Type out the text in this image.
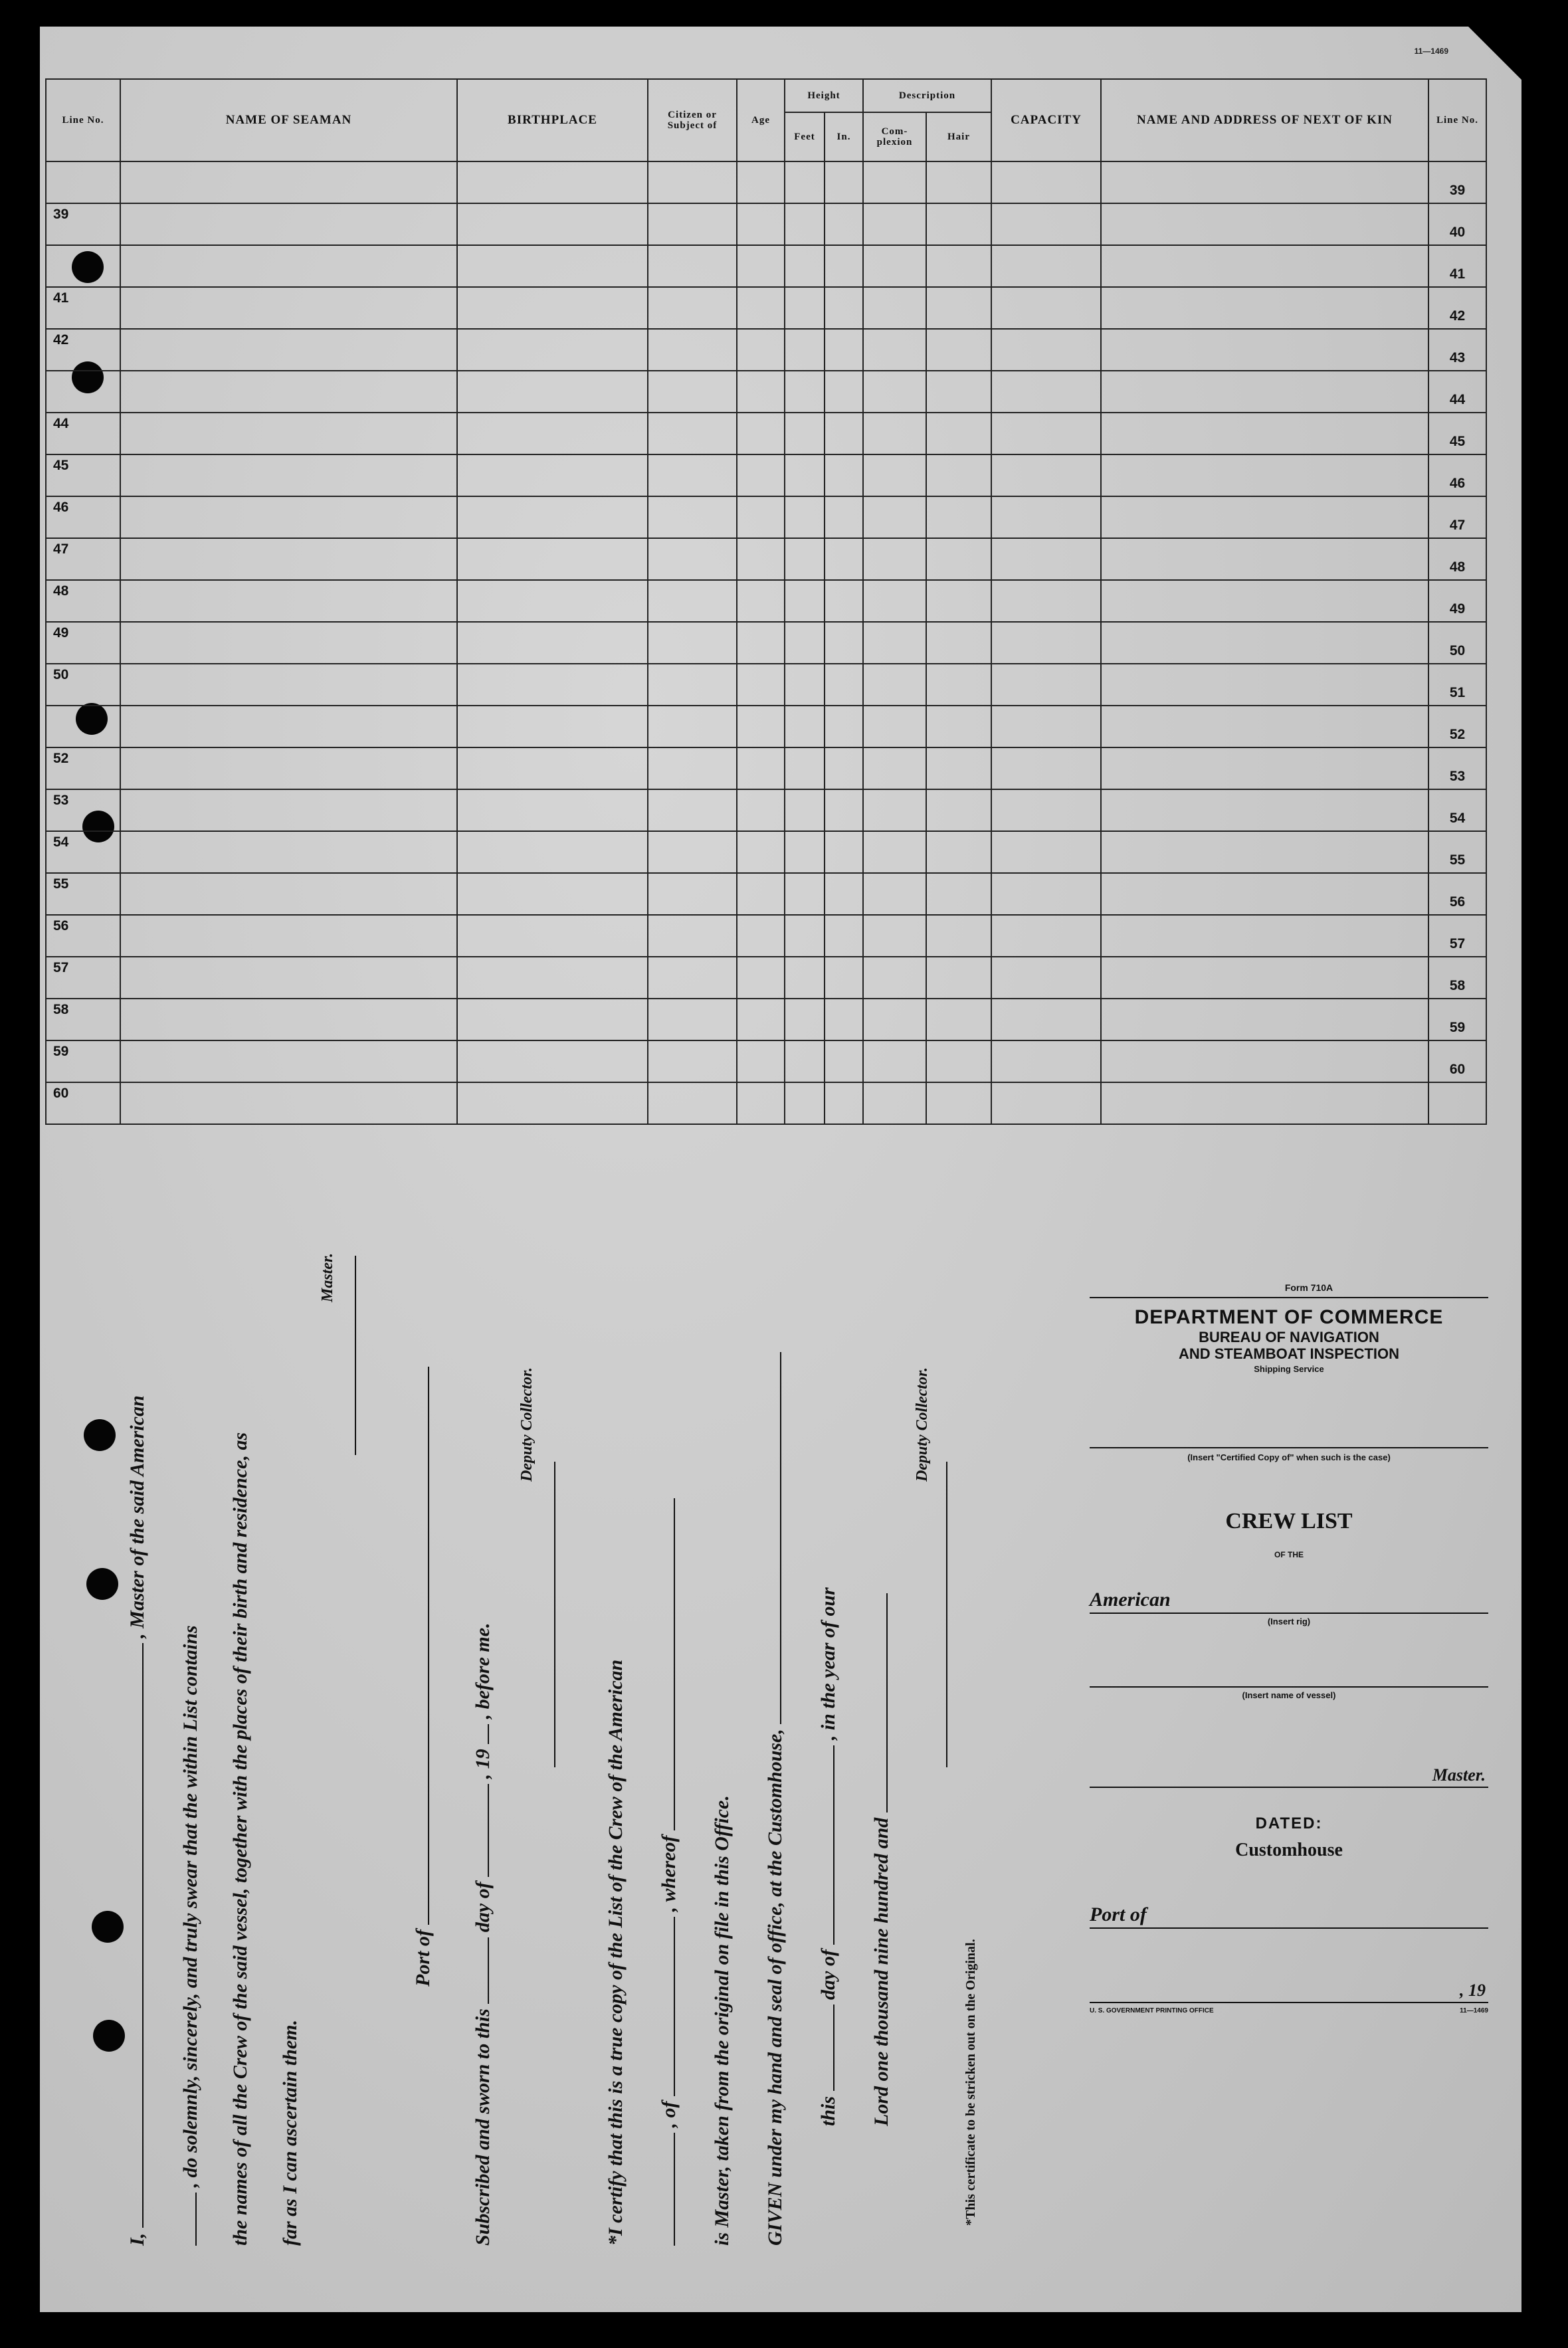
11—1469
Line No.	NAME OF SEAMAN	BIRTHPLACE	Citizen or Subject of	Age	Height		Description		CAPACITY	NAME AND ADDRESS OF NEXT OF KIN	Line No.
					Feet	In.	Com-plexion	Hair			
											39
39											40
											41
41											42
42											43
											44
44											45
45											46
46											47
47											48
48											49
49											50
50											51
											52
52											53
53											54
54											55
55											56
56											57
57											58
58											59
59											60
60											
I,  , Master of the said American
, do solemnly, sincerely, and truly swear that the within List contains the names of all the Crew of the said vessel, together with the places of their birth and residence, as far as I can ascertain them.
Master.
Port of
Subscribed and sworn to this  day of  , 19  , before me.
Deputy Collector.
*I certify that this is a true copy of the List of the Crew of the American , of  , whereof is Master, taken from the original on file in this Office. GIVEN under my hand and seal of office, at the Customhouse, this  day of  , in the year of our
Lord one thousand nine hundred and
Deputy Collector.
*This certificate to be stricken out on the Original.
Form 710A
DEPARTMENT OF COMMERCE
BUREAU OF NAVIGATION
AND STEAMBOAT INSPECTION
Shipping Service
(Insert "Certified Copy of" when such is the case)
CREW LIST
OF THE
American
(Insert rig)
(Insert name of vessel)
Master.
DATED:
Customhouse
Port of
, 19
U. S. GOVERNMENT PRINTING OFFICE	11—1469
